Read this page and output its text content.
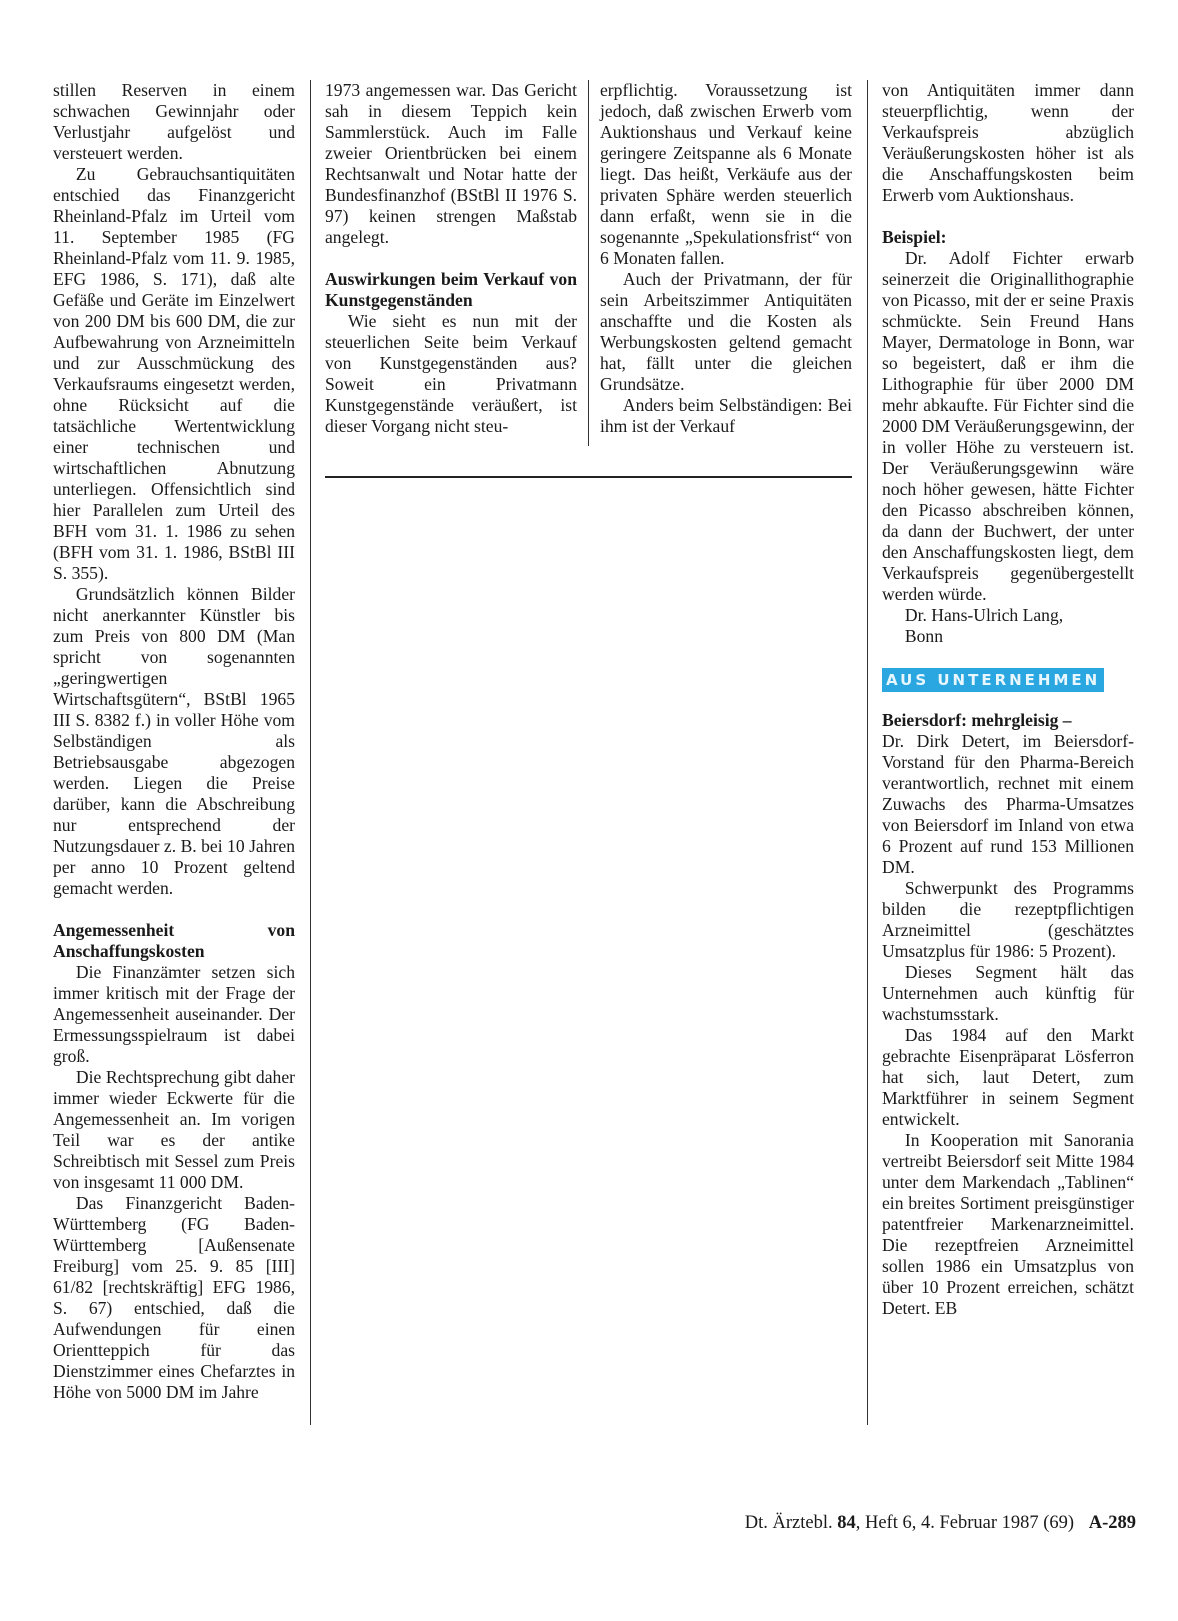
stillen Reserven in einem schwachen Gewinnjahr oder Verlustjahr aufgelöst und versteuert werden.

Zu Gebrauchsantiquitäten entschied das Finanzgericht Rheinland-Pfalz im Urteil vom 11. September 1985 (FG Rheinland-Pfalz vom 11. 9. 1985, EFG 1986, S. 171), daß alte Gefäße und Geräte im Einzelwert von 200 DM bis 600 DM, die zur Aufbewahrung von Arzneimitteln und zur Ausschmückung des Verkaufsraums eingesetzt werden, ohne Rücksicht auf die tatsächliche Wertentwicklung einer technischen und wirtschaftlichen Abnutzung unterliegen. Offensichtlich sind hier Parallelen zum Urteil des BFH vom 31. 1. 1986 zu sehen (BFH vom 31. 1. 1986, BStBl III S. 355).

Grundsätzlich können Bilder nicht anerkannter Künstler bis zum Preis von 800 DM (Man spricht von sogenannten „geringwertigen Wirtschaftsgütern“, BStBl 1965 III S. 8382 f.) in voller Höhe vom Selbständigen als Betriebsausgabe abgezogen werden. Liegen die Preise darüber, kann die Abschreibung nur entsprechend der Nutzungsdauer z. B. bei 10 Jahren per anno 10 Prozent geltend gemacht werden.

Angemessenheit von Anschaffungskosten

Die Finanzämter setzen sich immer kritisch mit der Frage der Angemessenheit auseinander. Der Ermessungsspielraum ist dabei groß.

Die Rechtsprechung gibt daher immer wieder Eckwerte für die Angemessenheit an. Im vorigen Teil war es der antike Schreibtisch mit Sessel zum Preis von insgesamt 11 000 DM.

Das Finanzgericht Baden-Württemberg (FG Baden-Württemberg [Außensenate Freiburg] vom 25. 9. 85 [III] 61/82 [rechtskräftig] EFG 1986, S. 67) entschied, daß die Aufwendungen für einen Orientteppich für das Dienstzimmer eines Chefarztes in Höhe von 5000 DM im Jahre

1973 angemessen war. Das Gericht sah in diesem Teppich kein Sammlerstück. Auch im Falle zweier Orientbrücken bei einem Rechtsanwalt und Notar hatte der Bundesfinanzhof (BStBl II 1976 S. 97) keinen strengen Maßstab angelegt.

Auswirkungen beim Verkauf von Kunstgegenständen

Wie sieht es nun mit der steuerlichen Seite beim Verkauf von Kunstgegenständen aus? Soweit ein Privatmann Kunstgegenstände veräußert, ist dieser Vorgang nicht steu-

erpflichtig. Voraussetzung ist jedoch, daß zwischen Erwerb vom Auktionshaus und Verkauf keine geringere Zeitspanne als 6 Monate liegt. Das heißt, Verkäufe aus der privaten Sphäre werden steuerlich dann erfaßt, wenn sie in die sogenannte „Spekulationsfrist“ von 6 Monaten fallen.

Auch der Privatmann, der für sein Arbeitszimmer Antiquitäten anschaffte und die Kosten als Werbungskosten geltend gemacht hat, fällt unter die gleichen Grundsätze.

Anders beim Selbständigen: Bei ihm ist der Verkauf

von Antiquitäten immer dann steuerpflichtig, wenn der Verkaufspreis abzüglich Veräußerungskosten höher ist als die Anschaffungskosten beim Erwerb vom Auktionshaus.

Beispiel:

Dr. Adolf Fichter erwarb seinerzeit die Originallithographie von Picasso, mit der er seine Praxis schmückte. Sein Freund Hans Mayer, Dermatologe in Bonn, war so begeistert, daß er ihm die Lithographie für über 2000 DM mehr abkaufte. Für Fichter sind die 2000 DM Veräußerungsgewinn, der in voller Höhe zu versteuern ist. Der Veräußerungsgewinn wäre noch höher gewesen, hätte Fichter den Picasso abschreiben können, da dann der Buchwert, der unter den Anschaffungskosten liegt, dem Verkaufspreis gegenübergestellt werden würde.

Dr. Hans-Ulrich Lang,

Bonn

AUS UNTERNEHMEN
Beiersdorf: mehrgleisig –

Dr. Dirk Detert, im Beiersdorf-Vorstand für den Pharma-Bereich verantwortlich, rechnet mit einem Zuwachs des Pharma-Umsatzes von Beiersdorf im Inland von etwa 6 Prozent auf rund 153 Millionen DM.

Schwerpunkt des Programms bilden die rezeptpflichtigen Arzneimittel (geschätztes Umsatzplus für 1986: 5 Prozent).

Dieses Segment hält das Unternehmen auch künftig für wachstumsstark.

Das 1984 auf den Markt gebrachte Eisenpräparat Lösferron hat sich, laut Detert, zum Marktführer in seinem Segment entwickelt.

In Kooperation mit Sanorania vertreibt Beiersdorf seit Mitte 1984 unter dem Markendach „Tablinen“ ein breites Sortiment preisgünstiger patentfreier Markenarzneimittel. Die rezeptfreien Arzneimittel sollen 1986 ein Umsatzplus von über 10 Prozent erreichen, schätzt Detert. EB

Dt. Ärztebl. 84, Heft 6, 4. Februar 1987 (69) A-289
